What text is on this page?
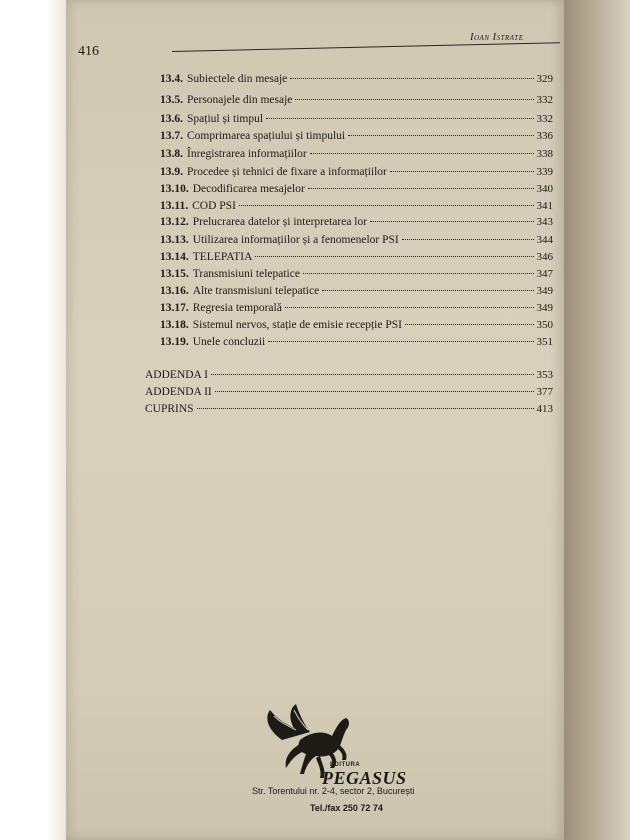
416
Ioan Istrate
13.4. Subiectele din mesaje	329
13.5. Personajele din mesaje	332
13.6. Spațiul și timpul	332
13.7. Comprimarea spațiului și timpului	336
13.8. Înregistrarea informațiilor	338
13.9. Procedee și tehnici de fixare a informațiilor	339
13.10. Decodificarea mesajelor	340
13.11. COD PSI	341
13.12. Prelucrarea datelor și interpretarea lor	343
13.13. Utilizarea informațiilor și a fenomenelor PSI	344
13.14. TELEPATIA	346
13.15. Transmisiuni telepatice	347
13.16. Alte transmisiuni telepatice	349
13.17. Regresia temporală	349
13.18. Sistemul nervos, stație de emisie recepție PSI	350
13.19. Unele concluzii	351
ADDENDA I	353
ADDENDA II	377
CUPRINS	413
EDITURA
PEGASUS
Str. Torentului nr. 2-4, sector 2, București
Tel./fax 250 72 74
